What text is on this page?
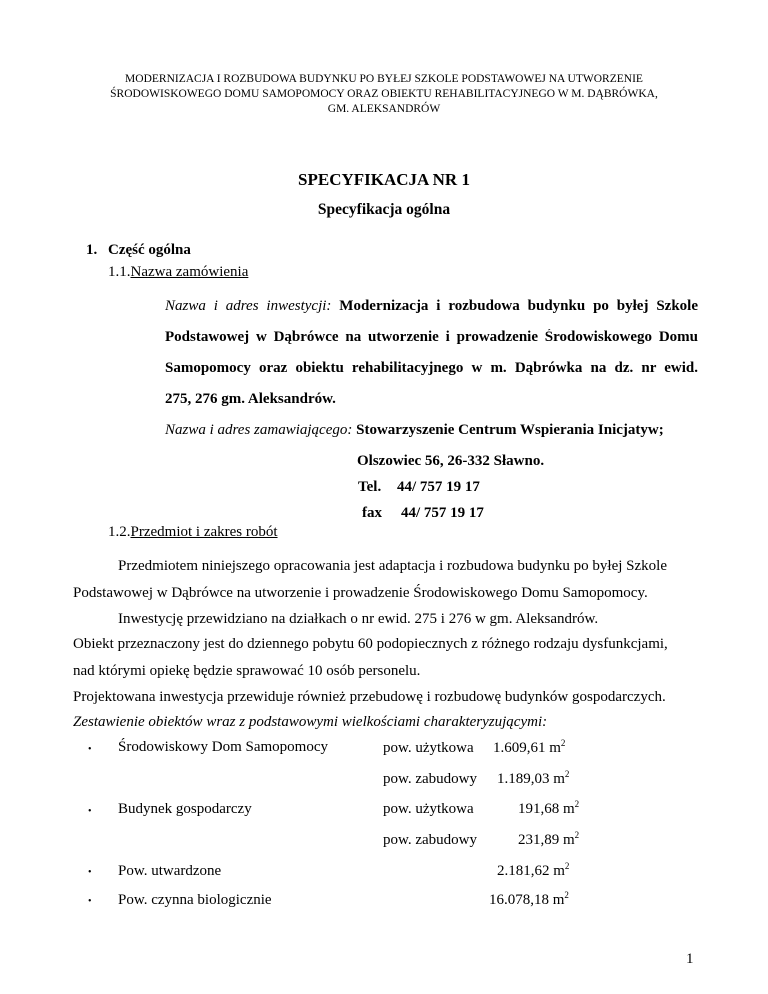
MODERNIZACJA I ROZBUDOWA BUDYNKU PO BYŁEJ SZKOLE PODSTAWOWEJ NA UTWORZENIE
ŚRODOWISKOWEGO DOMU SAMOPOMOCY ORAZ OBIEKTU REHABILITACYJNEGO W M. DĄBRÓWKA,
GM. ALEKSANDRÓW
SPECYFIKACJA NR 1
Specyfikacja ogólna
1. Część ogólna
1.1.Nazwa zamówienia
Nazwa i adres inwestycji: Modernizacja i rozbudowa budynku po byłej Szkole
Podstawowej w Dąbrówce na utworzenie i prowadzenie Środowiskowego Domu
Samopomocy oraz obiektu rehabilitacyjnego w m. Dąbrówka na dz. nr ewid.
275, 276 gm. Aleksandrów.
Nazwa i adres zamawiającego: Stowarzyszenie Centrum Wspierania Inicjatyw;
Olszowiec 56, 26-332 Sławno.
Tel. 44/ 757 19 17
fax 44/ 757 19 17
1.2.Przedmiot i zakres robót
Przedmiotem niniejszego opracowania jest adaptacja i rozbudowa budynku po byłej Szkole
Podstawowej w Dąbrówce na utworzenie i prowadzenie Środowiskowego Domu Samopomocy.
Inwestycję przewidziano na działkach o nr ewid. 275 i 276 w gm. Aleksandrów.
Obiekt przeznaczony jest do dziennego pobytu 60 podopiecznych z różnego rodzaju dysfunkcjami,
nad którymi opiekę będzie sprawować 10 osób personelu.
Projektowana inwestycja przewiduje również przebudowę i rozbudowę budynków gospodarczych.
Zestawienie obiektów wraz z podstawowymi wielkościami charakteryzującymi:
• Środowiskowy Dom Samopomocy	pow. użytkowa 1.609,61 $m^2$
pow. zabudowy 1.189,03 $m^2$
• Budynek gospodarczy	pow. użytkowa	191,68 $m^2$
pow. zabudowy	231,89 $m^2$
• Pow. utwardzone	2.181,62 $m^2$
• Pow. czynna biologicznie	16.078,18 $m^2$
1
